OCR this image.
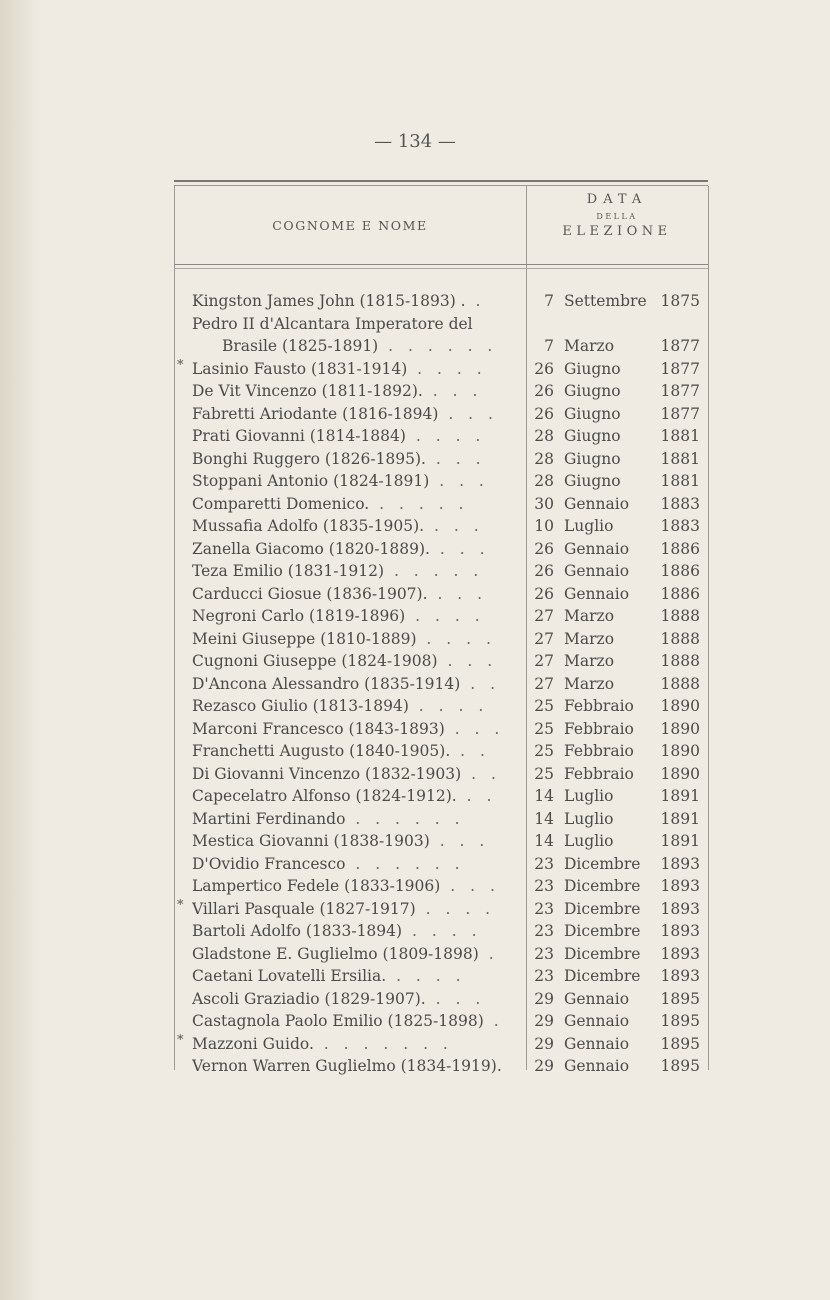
— 134 —
COGNOME E NOME
DATA
DELLA
ELEZIONE
Kingston James John (1815-1893) . .	7 Settembre 1875
Pedro II d'Alcantara Imperatore del
Brasile (1825-1891) . . . . . .	7 Marzo	1877
* Lasinio Fausto (1831-1914) . . . .	26 Giugno	1877
De Vit Vincenzo (1811-1892). . . .	26 Giugno	1877
Fabretti Ariodante (1816-1894) . . .	26 Giugno	1877
Prati Giovanni (1814-1884) . . . .	28 Giugno	1881
Bonghi Ruggero (1826-1895). . . .	28 Giugno	1881
Stoppani Antonio (1824-1891) . . .	28 Giugno	1881
Comparetti Domenico. . . . . .	30 Gennaio	1883
Mussafia Adolfo (1835-1905). . . .	10 Luglio	1883
Zanella Giacomo (1820-1889). . . .	26 Gennaio	1886
Teza Emilio (1831-1912) . . . . .	26 Gennaio	1886
Carducci Giosue (1836-1907). . . .	26 Gennaio	1886
Negroni Carlo (1819-1896) . . . .	27 Marzo	1888
Meini Giuseppe (1810-1889) . . . .	27 Marzo	1888
Cugnoni Giuseppe (1824-1908) . . .	27 Marzo	1888
D'Ancona Alessandro (1835-1914) . .	27 Marzo	1888
Rezasco Giulio (1813-1894) . . . .	25 Febbraio	1890
Marconi Francesco (1843-1893) . . .	25 Febbraio	1890
Franchetti Augusto (1840-1905). . .	25 Febbraio	1890
Di Giovanni Vincenzo (1832-1903) . .	25 Febbraio	1890
Capecelatro Alfonso (1824-1912). . .	14 Luglio	1891
Martini Ferdinando . . . . . .	14 Luglio	1891
Mestica Giovanni (1838-1903) . . .	14 Luglio	1891
D'Ovidio Francesco . . . . . .	23 Dicembre	1893
Lampertico Fedele (1833-1906) . . .	23 Dicembre	1893
* Villari Pasquale (1827-1917) . . . .	23 Dicembre	1893
Bartoli Adolfo (1833-1894) . . . .	23 Dicembre	1893
Gladstone E. Guglielmo (1809-1898) .	23 Dicembre	1893
Caetani Lovatelli Ersilia. . . . .	23 Dicembre	1893
Ascoli Graziadio (1829-1907). . . .	29 Gennaio	1895
Castagnola Paolo Emilio (1825-1898) .	29 Gennaio	1895
* Mazzoni Guido. . . . . . . .	29 Gennaio	1895
Vernon Warren Guglielmo (1834-1919).	29 Gennaio	1895
